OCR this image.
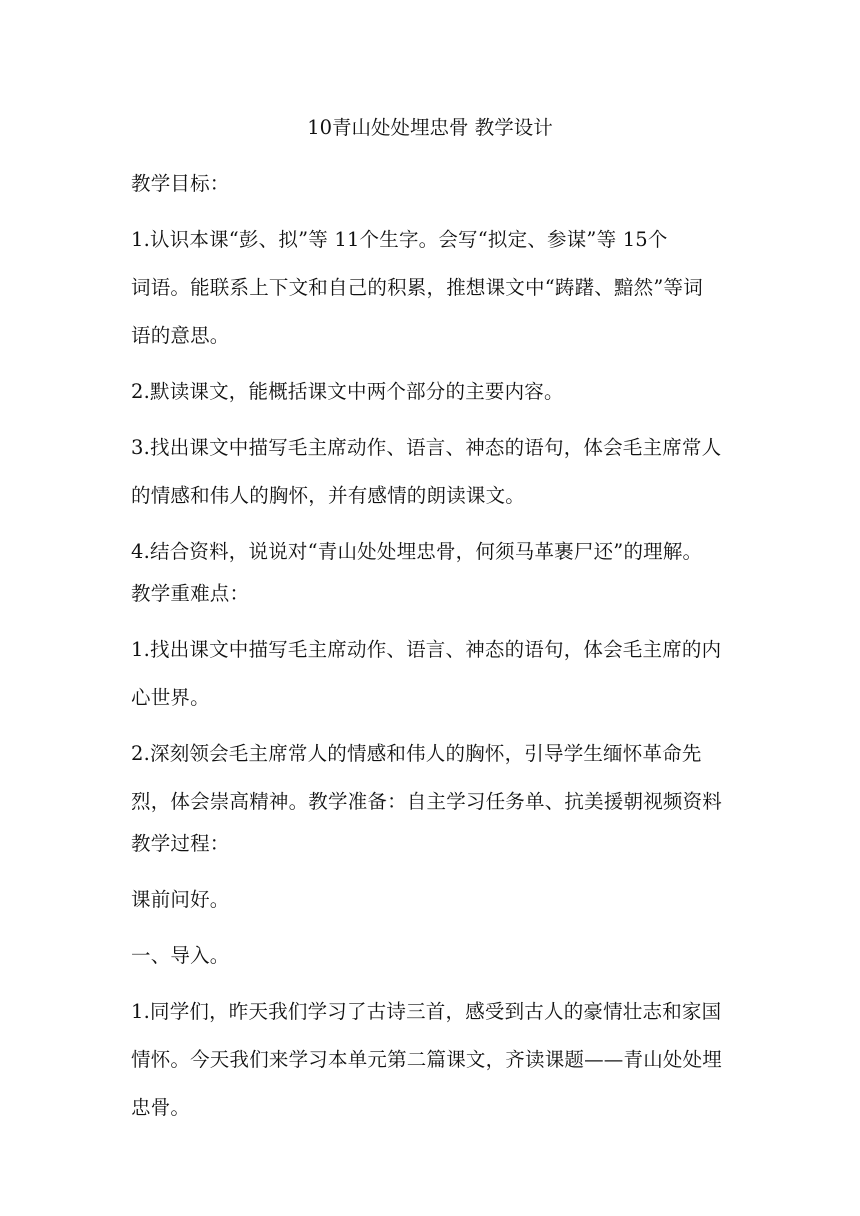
10青山处处埋忠骨 教学设计
教学目标：
1.认识本课“彭、拟”等 11个生字。会写“拟定、参谋”等 15个
词语。能联系上下文和自己的积累，推想课文中“踌躇、黯然”等词
语的意思。
2.默读课文，能概括课文中两个部分的主要内容。
3.找出课文中描写毛主席动作、语言、神态的语句，体会毛主席常人
的情感和伟人的胸怀，并有感情的朗读课文。
4.结合资料，说说对“青山处处埋忠骨，何须马革裹尸还”的理解。
教学重难点：
1.找出课文中描写毛主席动作、语言、神态的语句，体会毛主席的内
心世界。
2.深刻领会毛主席常人的情感和伟人的胸怀，引导学生缅怀革命先
烈，体会崇高精神。教学准备：自主学习任务单、抗美援朝视频资料
教学过程：
课前问好。
一、导入。
1.同学们，昨天我们学习了古诗三首，感受到古人的豪情壮志和家国
情怀。今天我们来学习本单元第二篇课文，齐读课题——青山处处埋
忠骨。
